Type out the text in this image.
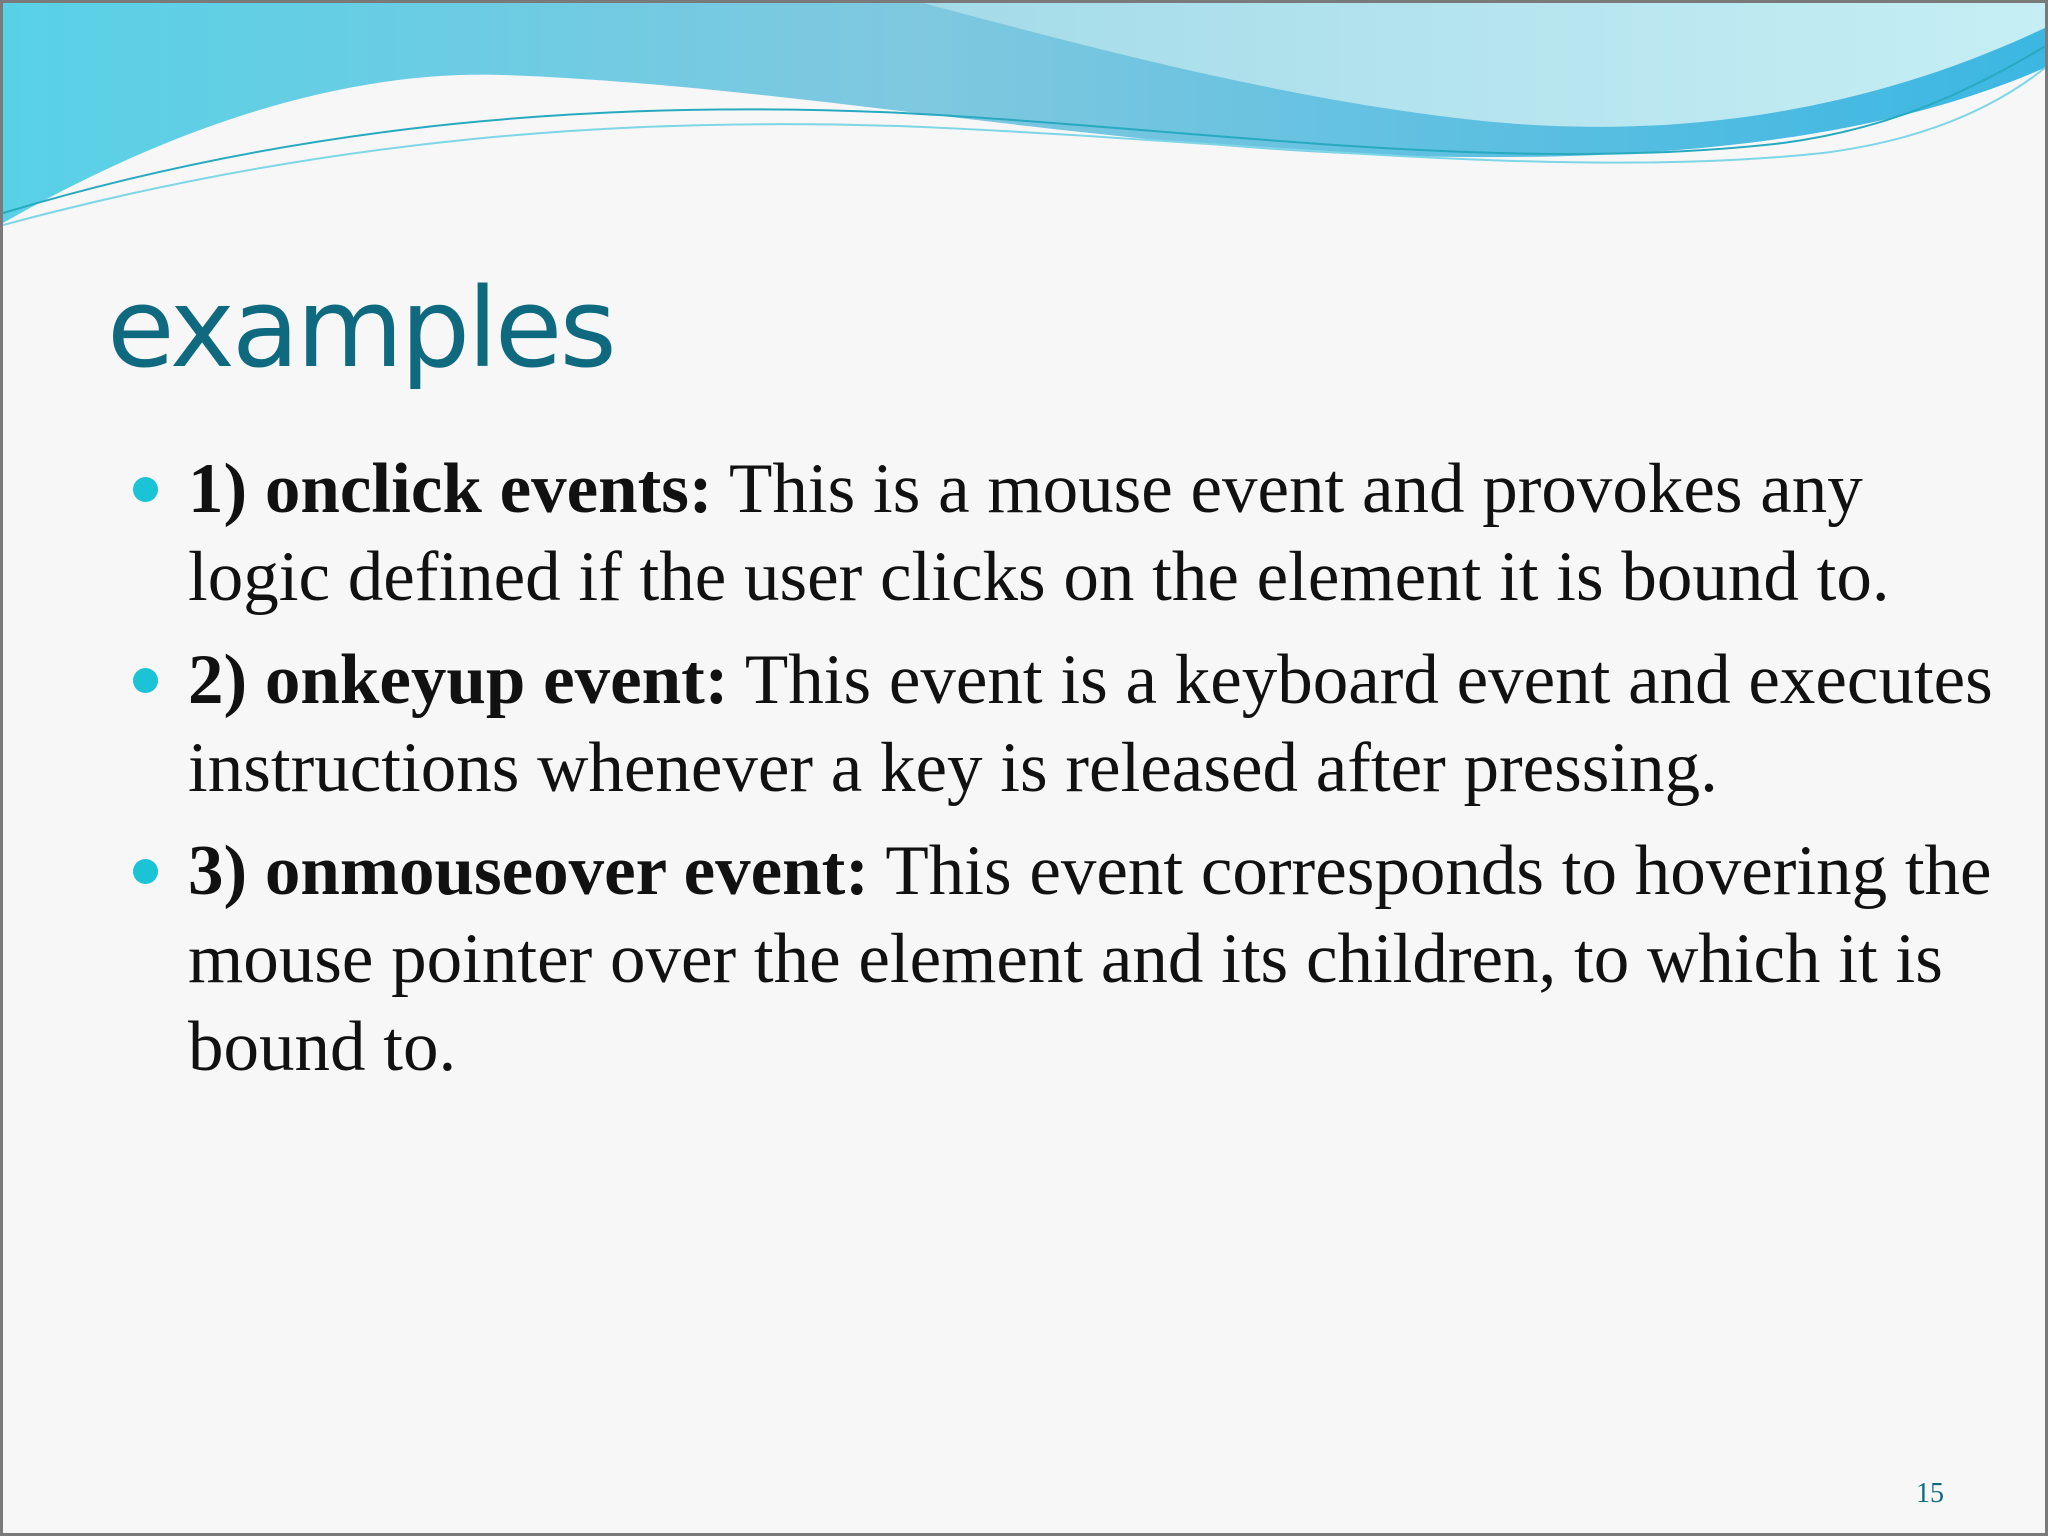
examples
1) onclick events: This is a mouse event and provokes any logic defined if the user clicks on the element it is bound to.
2) onkeyup event: This event is a keyboard event and executes instructions whenever a key is released after pressing.
3) onmouseover event: This event corresponds to hovering the mouse pointer over the element and its children, to which it is bound to.
15
